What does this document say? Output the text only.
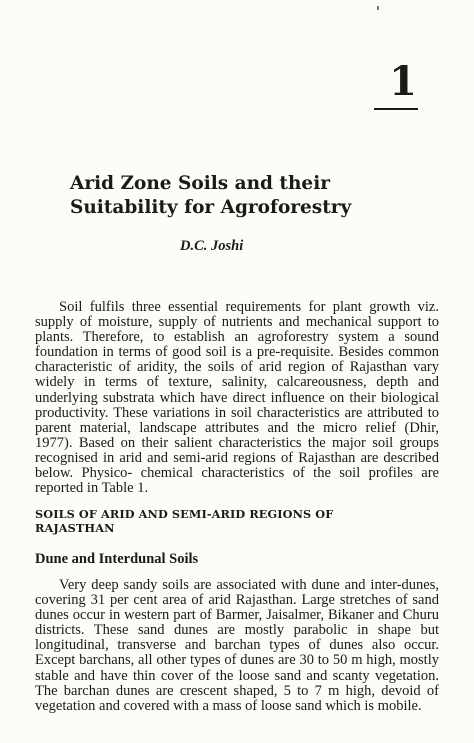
1
Arid Zone Soils and their
Suitability for Agroforestry
D.C. Joshi

Soil fulfils three essential requirements for plant growth viz. supply of moisture, supply of nutrients and mechanical support to plants. Therefore, to establish an agroforestry system a sound foundation in terms of good soil is a pre-requisite. Besides common characteristic of aridity, the soils of arid region of Rajasthan vary widely in terms of texture, salinity, calcareousness, depth and underlying substrata which have direct influence on their biological productivity. These variations in soil characteristics are attributed to parent material, landscape attributes and the micro relief (Dhir, 1977). Based on their salient characteristics the major soil groups recognised in arid and semi-arid regions of Rajasthan are described below. Physico- chemical characteristics of the soil profiles are reported in Table 1.

SOILS OF ARID AND SEMI-ARID REGIONS OF
RAJASTHAN
Dune and Interdunal Soils

Very deep sandy soils are associated with dune and inter-dunes, covering 31 per cent area of arid Rajasthan. Large stretches of sand dunes occur in western part of Barmer, Jaisalmer, Bikaner and Churu districts. These sand dunes are mostly parabolic in shape but longitudinal, transverse and barchan types of dunes also occur. Except barchans, all other types of dunes are 30 to 50 m high, mostly stable and have thin cover of the loose sand and scanty vegetation. The barchan dunes are crescent shaped, 5 to 7 m high, devoid of vegetation and covered with a mass of loose sand which is mobile.
